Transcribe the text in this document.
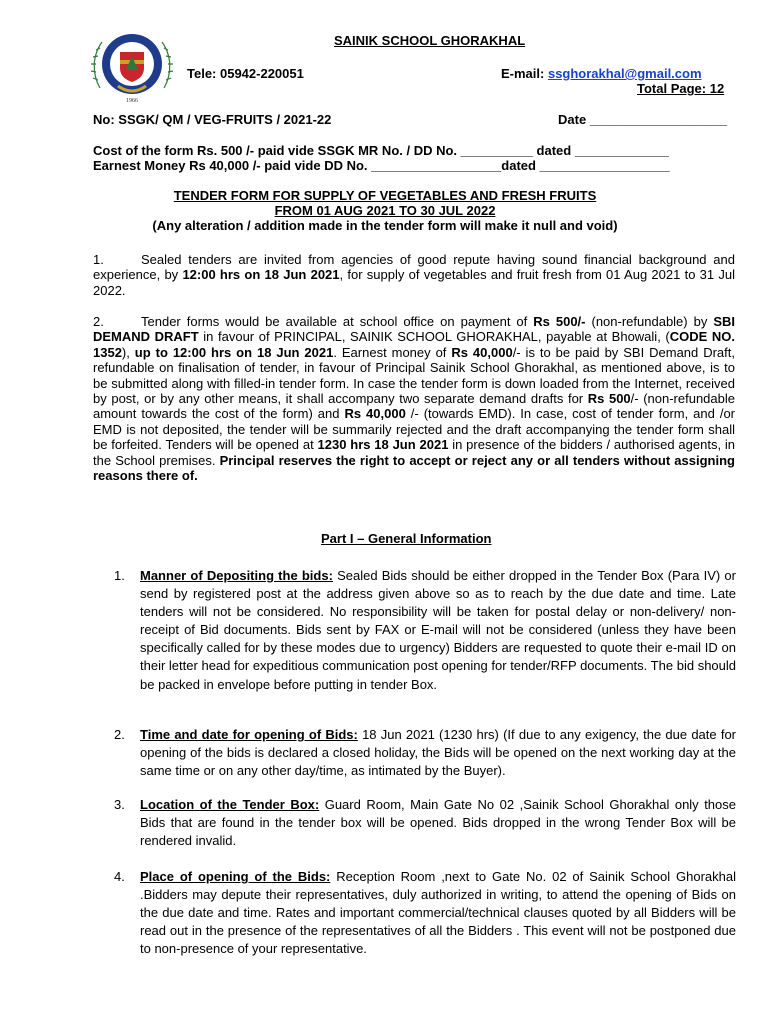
1966
SAINIK SCHOOL GHORAKHAL
Tele: 05942-220051	E-mail: ssghorakhal@gmail.com
Total Page: 12
No: SSGK/ QM / VEG-FRUITS / 2021-22	Date ___________________
Cost of the form Rs. 500 /- paid vide SSGK MR No. / DD No. __________ dated _____________
Earnest Money Rs 40,000 /- paid vide DD No. __________________dated __________________
TENDER FORM FOR SUPPLY OF VEGETABLES AND FRESH FRUITS
FROM 01 AUG 2021 TO 30 JUL 2022
(Any alteration / addition made in the tender form will make it null and void)
1.	Sealed tenders are invited from agencies of good repute having sound financial background and experience, by 12:00 hrs on 18 Jun 2021, for supply of vegetables and fruit fresh from 01 Aug 2021 to 31 Jul 2022.
2.	Tender forms would be available at school office on payment of Rs 500/- (non-refundable) by SBI DEMAND DRAFT in favour of PRINCIPAL, SAINIK SCHOOL GHORAKHAL, payable at Bhowali, (CODE NO. 1352), up to 12:00 hrs on 18 Jun 2021. Earnest money of Rs 40,000/- is to be paid by SBI Demand Draft, refundable on finalisation of tender, in favour of Principal Sainik School Ghorakhal, as mentioned above, is to be submitted along with filled-in tender form. In case the tender form is down loaded from the Internet, received by post, or by any other means, it shall accompany two separate demand drafts for Rs 500/- (non-refundable amount towards the cost of the form) and Rs 40,000 /- (towards EMD). In case, cost of tender form, and /or EMD is not deposited, the tender will be summarily rejected and the draft accompanying the tender form shall be forfeited. Tenders will be opened at 1230 hrs 18 Jun 2021 in presence of the bidders / authorised agents, in the School premises. Principal reserves the right to accept or reject any or all tenders without assigning reasons there of.
Part I – General Information
1. Manner of Depositing the bids: Sealed Bids should be either dropped in the Tender Box (Para IV) or send by registered post at the address given above so as to reach by the due date and time. Late tenders will not be considered. No responsibility will be taken for postal delay or non-delivery/ non- receipt of Bid documents. Bids sent by FAX or E-mail will not be considered (unless they have been specifically called for by these modes due to urgency) Bidders are requested to quote their e-mail ID on their letter head for expeditious communication post opening for tender/RFP documents. The bid should be packed in envelope before putting in tender Box.
2. Time and date for opening of Bids: 18 Jun 2021 (1230 hrs) (If due to any exigency, the due date for opening of the bids is declared a closed holiday, the Bids will be opened on the next working day at the same time or on any other day/time, as intimated by the Buyer).
3. Location of the Tender Box: Guard Room, Main Gate No 02 ,Sainik School Ghorakhal only those Bids that are found in the tender box will be opened. Bids dropped in the wrong Tender Box will be rendered invalid.
4. Place of opening of the Bids: Reception Room ,next to Gate No. 02 of Sainik School Ghorakhal .Bidders may depute their representatives, duly authorized in writing, to attend the opening of Bids on the due date and time. Rates and important commercial/technical clauses quoted by all Bidders will be read out in the presence of the representatives of all the Bidders . This event will not be postponed due to non-presence of your representative.
